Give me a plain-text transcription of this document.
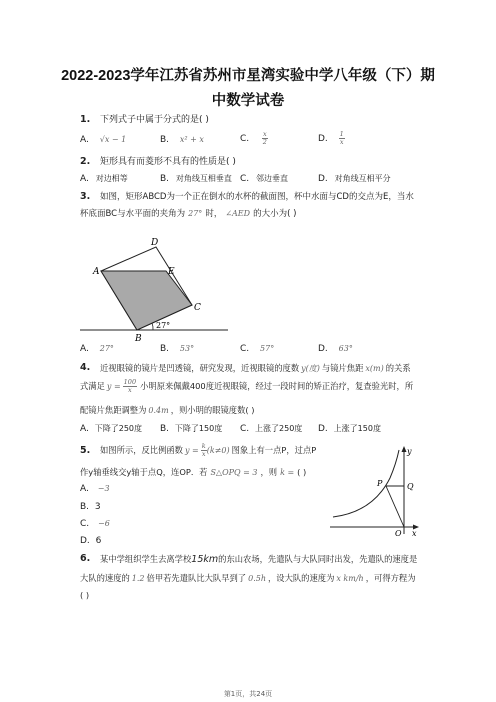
2022-2023学年江苏省苏州市星湾实验中学八年级（下）期
中数学试卷
1. 下列式子中属于分式的是( )
A. √x − 1	B. x² + x	C. $\frac{x}{2}$	D. $\frac{1}{x}$
2. 矩形具有而菱形不具有的性质是( )
A. 对边相等	B. 对角线互相垂直 C. 邻边垂直	D. 对角线互相平分
3. 如图，矩形ABCD为一个正在倒水的水杯的截面图，杯中水面与CD的交点为E，当水
杯底面BC与水平面的夹角为 27° 时， ∠AED 的大小为( )
D
A	E
C
B
27°
A. 27°	B. 53°	C. 57°	D. 63°
4. 近视眼镜的镜片是凹透镜，研究发现，近视眼镜的度数 y(度) 与镜片焦距 x(m) 的关系
式满足 $y = \frac{100}{x}$ 小明原来佩戴400度近视眼镜，经过一段时间的矫正治疗，复查验光时，所
配镜片焦距调整为 0.4m ，则小明的眼镜度数( )
A. 下降了250度 B. 下降了150度 C. 上涨了250度 D. 上涨了150度
5. 如图所示，反比例函数 $y = \frac{k}{x} (k\ne 0)$ 图象上有一点P，过点P
作y轴垂线交y轴于点Q，连OP．若 S△OPQ = 3 ，则 k = ( )
A. −3
B. 3
C. −6
D. 6
y
P	Q
O x
6. 某中学组织学生去离学校15km的东山农场，先遣队与大队同时出发，先遣队的速度是
大队的速度的 1.2 倍甲若先遣队比大队早到了 0.5h ，设大队的速度为 x km/h ，可得方程为
( )
第1页，共24页
